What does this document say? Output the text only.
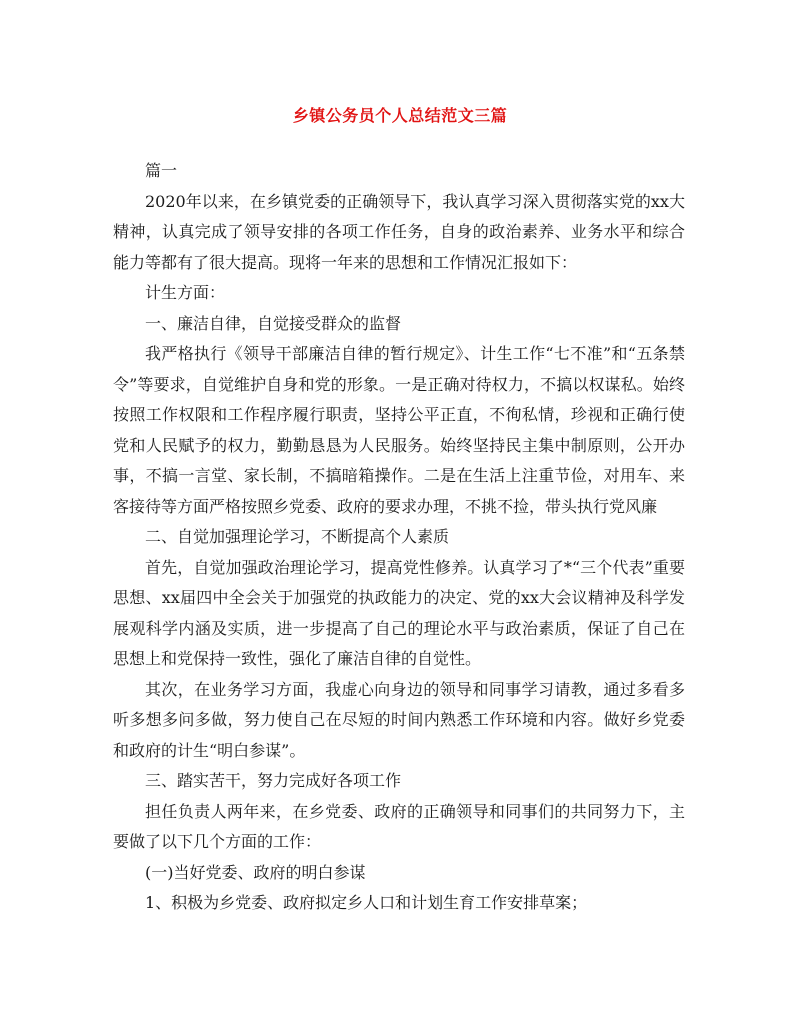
乡镇公务员个人总结范文三篇

篇一

2020年以来，在乡镇党委的正确领导下，我认真学习深入贯彻落实党的xx大精神，认真完成了领导安排的各项工作任务，自身的政治素养、业务水平和综合能力等都有了很大提高。现将一年来的思想和工作情况汇报如下：

计生方面：

一、廉洁自律，自觉接受群众的监督

我严格执行《领导干部廉洁自律的暂行规定》、计生工作“七不准”和“五条禁令”等要求，自觉维护自身和党的形象。一是正确对待权力，不搞以权谋私。始终按照工作权限和工作程序履行职责，坚持公平正直，不徇私情，珍视和正确行使党和人民赋予的权力，勤勤恳恳为人民服务。始终坚持民主集中制原则，公开办事，不搞一言堂、家长制，不搞暗箱操作。二是在生活上注重节俭，对用车、来客接待等方面严格按照乡党委、政府的要求办理，不挑不捡，带头执行党风廉

二、自觉加强理论学习，不断提高个人素质

首先，自觉加强政治理论学习，提高党性修养。认真学习了*“三个代表”重要思想、xx届四中全会关于加强党的执政能力的决定、党的xx大会议精神及科学发展观科学内涵及实质，进一步提高了自己的理论水平与政治素质，保证了自己在思想上和党保持一致性，强化了廉洁自律的自觉性。

其次，在业务学习方面，我虚心向身边的领导和同事学习请教，通过多看多听多想多问多做，努力使自己在尽短的时间内熟悉工作环境和内容。做好乡党委和政府的计生“明白参谋”。

三、踏实苦干，努力完成好各项工作

担任负责人两年来，在乡党委、政府的正确领导和同事们的共同努力下，主要做了以下几个方面的工作：

(一)当好党委、政府的明白参谋

1、积极为乡党委、政府拟定乡人口和计划生育工作安排草案；
